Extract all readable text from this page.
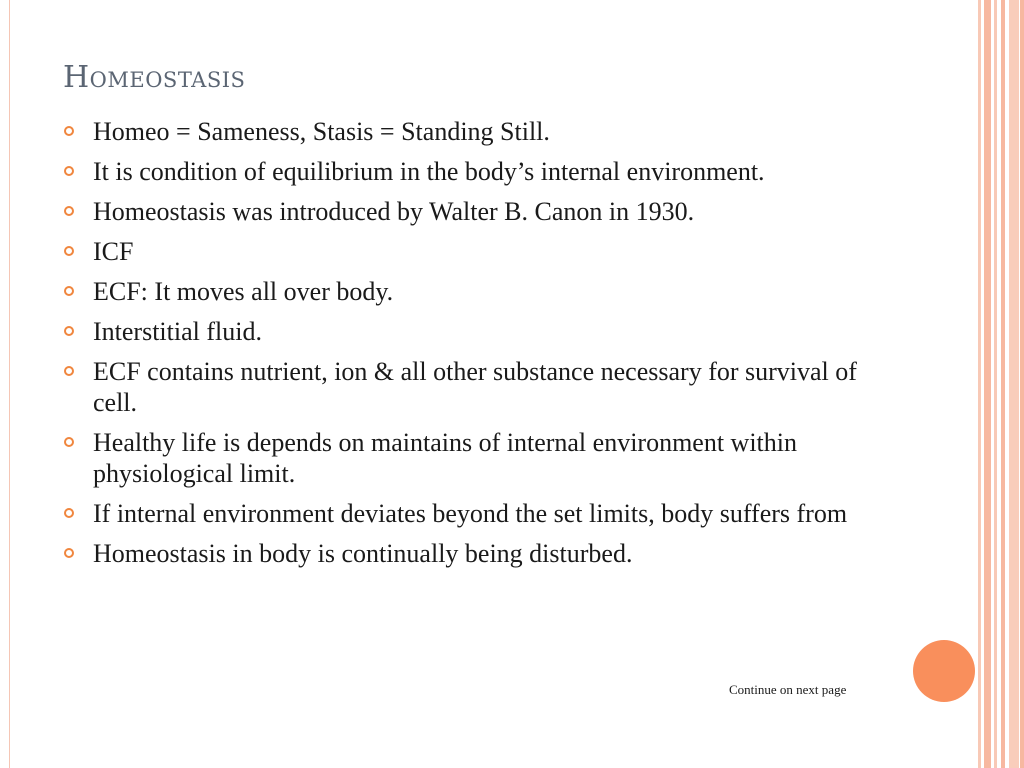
Homeostasis
Homeo = Sameness, Stasis = Standing Still.
It is condition of equilibrium in the body’s internal environment.
Homeostasis was introduced by Walter B. Canon in 1930.
ICF
ECF: It moves all over body.
Interstitial fluid.
ECF contains nutrient, ion & all other substance necessary for survival of cell.
Healthy life is depends on maintains of internal environment within physiological limit.
If internal environment deviates beyond the set limits, body suffers from
Homeostasis in body is continually being disturbed.
Continue on next page
